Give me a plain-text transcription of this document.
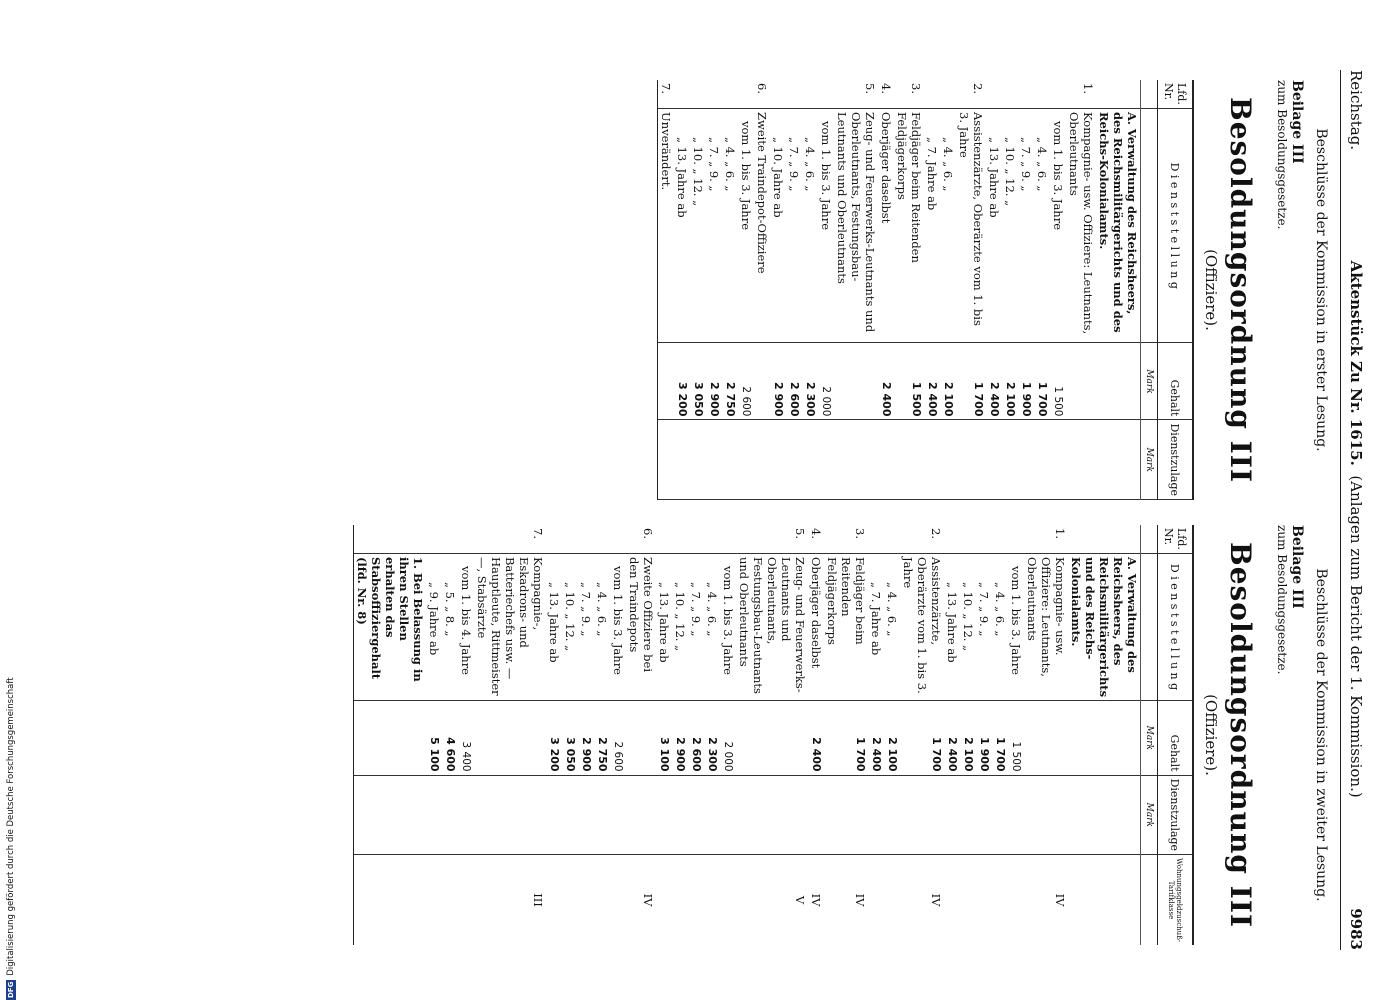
Reichstag.
Aktenstück Zu Nr. 1615.  (Anlagen zum Bericht der 1. Kommission.)
9983
Beschlüsse der Kommission in erster Lesung.
Beilage III
zum Besoldungsgesetze.
Besoldungsordnung III
(Offiziere).
Lfd. Nr.	D i e n s t s t e l l u n g	Gehalt	Dienstzulage
		Mark	Mark
	A. Verwaltung des Reichsheers, des Reichsmilitärgerichts und des Reichs-Kolonialamts.		
1.	Kompagnie- usw. Offiziere: Leutnants, Oberleutnants		
	vom 1. bis 3. Jahre	1 500	
	„ 4. „ 6. „	1 700	
	„ 7. „ 9. „	1 900	
	„ 10. „ 12. „	2 100	
	„ 13. Jahre ab	2 400	
2.	Assistenzärzte, Oberärzte vom 1. bis 3. Jahre	1 700	
	„ 4. „ 6. „	2 100	
	„ 7. Jahre ab	2 400	
3.	Feldjäger beim Reitenden Feldjägerkorps	1 500	
4.	Oberjäger daselbst	2 400	
5.	Zeug- und Feuerwerks-Leutnants und Oberleutnants, Festungsbau-Leutnants und Oberleutnants		
	vom 1. bis 3. Jahre	2 000	
	„ 4. „ 6. „	2 300	
	„ 7. „ 9. „	2 600	
	„ 10. Jahre ab	2 900	
6.	Zweite Traindepot-Offiziere		
	vom 1. bis 3. Jahre	2 600	
	„ 4. „ 6. „	2 750	
	„ 7. „ 9. „	2 900	
	„ 10. „ 12. „	3 050	
	„ 13. Jahre ab	3 200	
7.	Unverändert.		
Beschlüsse der Kommission in zweiter Lesung.
Beilage III
zum Besoldungsgesetze.
Besoldungsordnung III
(Offiziere).
Lfd. Nr.	D i e n s t s t e l l u n g	Gehalt	Dienstzulage	Wohnungsgeldzuschuß-Tarifklasse
		Mark	Mark	
	A. Verwaltung des Reichsheers, des Reichsmilitärgerichts und des Reichs-Kolonialamts.			
1.	Kompagnie- usw. Offiziere: Leutnants, Oberleutnants			IV
	vom 1. bis 3. Jahre	1 500		
	„ 4. „ 6. „	1 700		
	„ 7. „ 9. „	1 900		
	„ 10. „ 12. „	2 100		
	„ 13. Jahre ab	2 400		
2.	Assistenzärzte, Oberärzte vom 1. bis 3. Jahre	1 700		IV
	„ 4. „ 6. „	2 100		
	„ 7. Jahre ab	2 400		
3.	Feldjäger beim Reitenden Feldjägerkorps	1 700		IV
4.	Oberjäger daselbst	2 400		IV
5.	Zeug- und Feuerwerks-Leutnants und Oberleutnants, Festungsbau-Leutnants und Oberleutnants			V
	vom 1. bis 3. Jahre	2 000		
	„ 4. „ 6. „	2 300		
	„ 7. „ 9. „	2 600		
	„ 10. „ 12. „	2 900		
	„ 13. Jahre ab	3 100		
6.	Zweite Offiziere bei den Traindepots			IV
	vom 1. bis 3. Jahre	2 600		
	„ 4. „ 6. „	2 750		
	„ 7. „ 9. „	2 900		
	„ 10. „ 12. „	3 050		
	„ 13. Jahre ab	3 200		
7.	Kompagnie-, Eskadrons- und Batteriechefs usw. — Hauptleute, Rittmeister —, Stabsärzte			III
	vom 1. bis 4. Jahre	3 400		
	„ 5. „ 8. „	4 600		
	„ 9. Jahre ab	5 100		
	1. Bei Belassung in ihren Stellen erhalten das Stabsoffiziergehalt (lfd. Nr. 8)			
DFG
Digitalisierung gefördert durch die Deutsche Forschungsgemeinschaft
